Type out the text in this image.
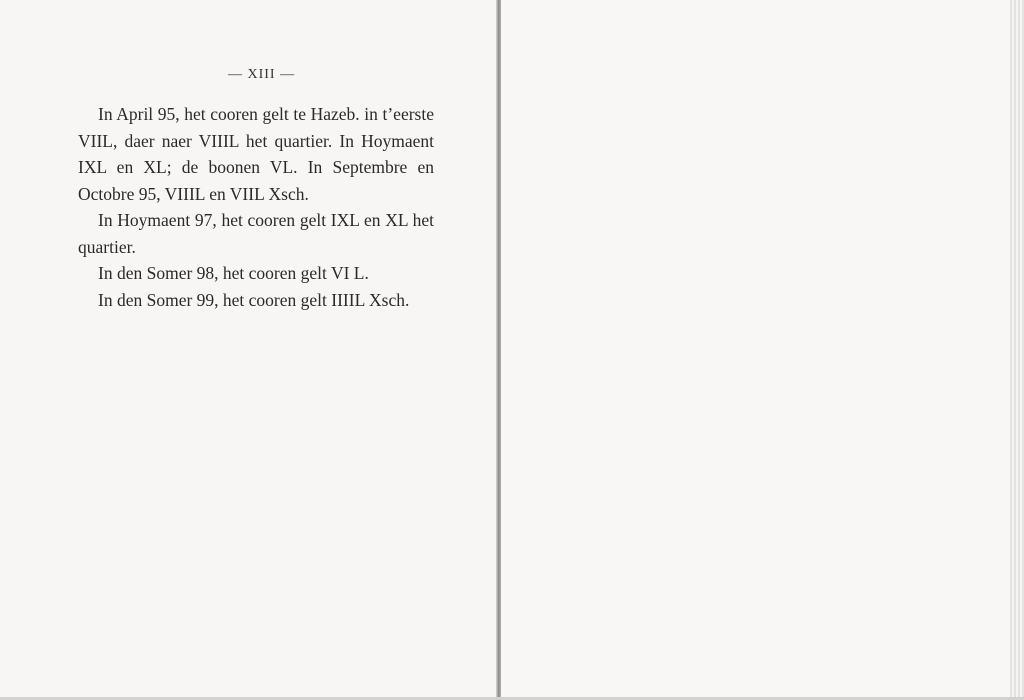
— XIII —

In April 95, het cooren gelt te Hazeb. in t’eerste VIIL, daer naer VIIIL het quartier. In Hoymaent IXL en XL; de boonen VL. In Septembre en Octobre 95, VIIIL en VIIL Xsch.

In Hoymaent 97, het cooren gelt IXL en XL het quartier.

In den Somer 98, het cooren gelt VI L.

In den Somer 99, het cooren gelt IIIIL Xsch.
